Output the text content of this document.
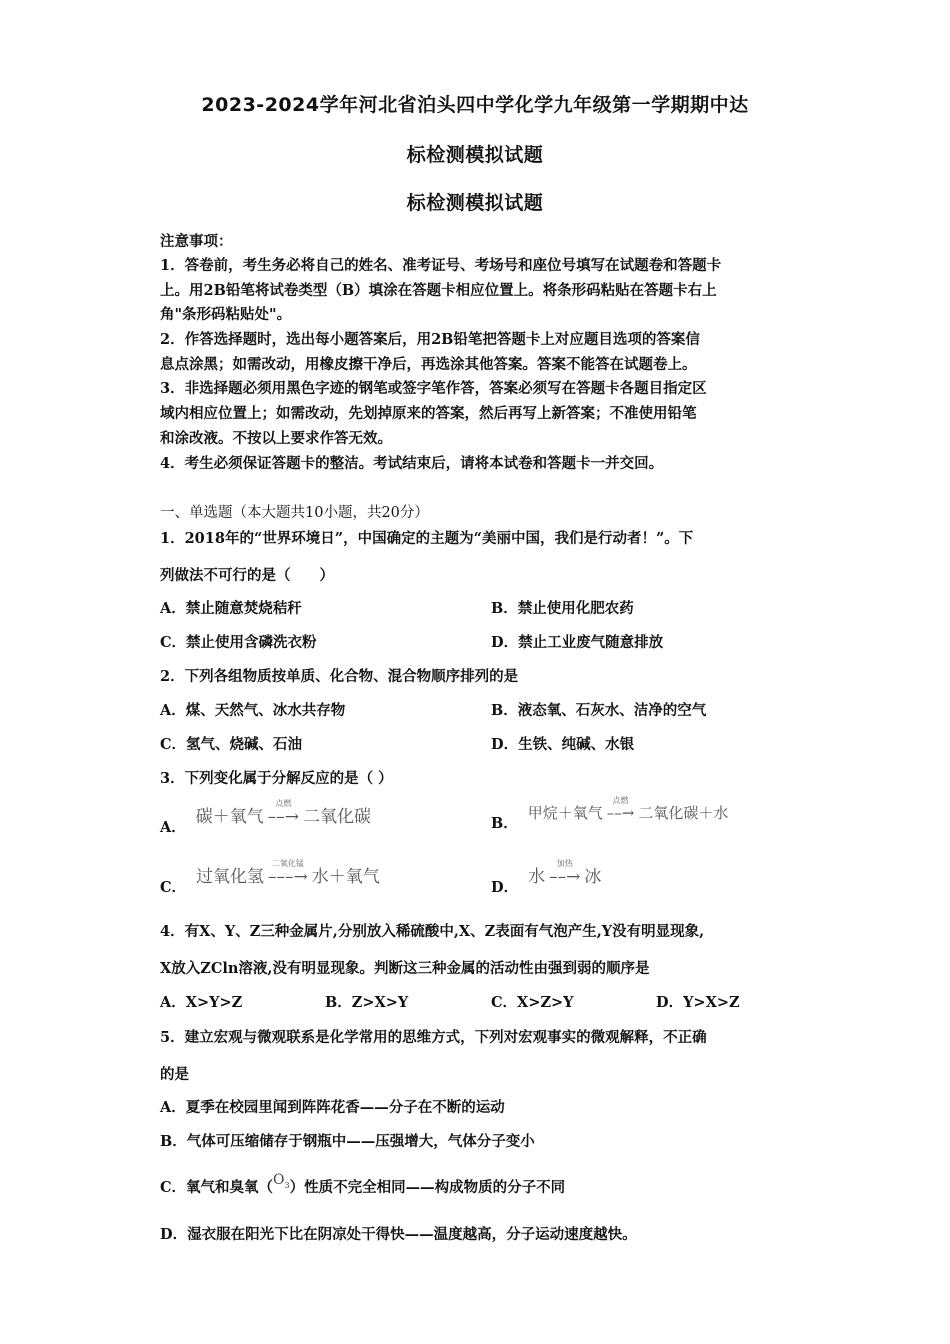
2023-2024学年河北省泊头四中学化学九年级第一学期期中达
标检测模拟试题
标检测模拟试题
注意事项：
1．答卷前，考生务必将自己的姓名、准考证号、考场号和座位号填写在试题卷和答题卡
上。用2B铅笔将试卷类型（B）填涂在答题卡相应位置上。将条形码粘贴在答题卡右上
角"条形码粘贴处"。
2．作答选择题时，选出每小题答案后，用2B铅笔把答题卡上对应题目选项的答案信
息点涂黑；如需改动，用橡皮擦干净后，再选涂其他答案。答案不能答在试题卷上。
3．非选择题必须用黑色字迹的钢笔或签字笔作答，答案必须写在答题卡各题目指定区
域内相应位置上；如需改动，先划掉原来的答案，然后再写上新答案；不准使用铅笔
和涂改液。不按以上要求作答无效。
4．考生必须保证答题卡的整洁。考试结束后，请将本试卷和答题卡一并交回。
一、单选题（本大题共10小题，共20分）
1．2018年的“世界环境日”，中国确定的主题为“美丽中国，我们是行动者！”。下
列做法不可行的是（　　）
A．禁止随意焚烧秸秆	B．禁止使用化肥农药
C．禁止使用含磷洗衣粉	D．禁止工业废气随意排放
2．下列各组物质按单质、化合物、混合物顺序排列的是
A．煤、天然气、冰水共存物	B．液态氧、石灰水、洁净的空气
C．氢气、烧碱、石油	D．生铁、纯碱、水银
3．下列变化属于分解反应的是（ ）
A．碳＋氧气
点燃
––→ 二氧化碳	B．甲烷＋氧气
点燃
––→ 二氧化碳＋水
C．过氧化氢
二氧化锰
–––→ 水＋氧气
D．水
加热
––→ 冰
4．有X、Y、Z三种金属片,分别放入稀硫酸中,X、Z表面有气泡产生,Y没有明显现象,
X放入ZCln溶液,没有明显现象。判断这三种金属的活动性由强到弱的顺序是
A．X>Y>Z	B．Z>X>Y	C．X>Z>Y	D．Y>X>Z
5．建立宏观与微观联系是化学常用的思维方式，下列对宏观事实的微观解释，不正确
的是
A．夏季在校园里闻到阵阵花香——分子在不断的运动
B．气体可压缩储存于钢瓶中——压强增大，气体分子变小
C．氧气和臭氧$(O_3)$性质不完全相同——构成物质的分子不同
D．湿衣服在阳光下比在阴凉处干得快——温度越高，分子运动速度越快。
